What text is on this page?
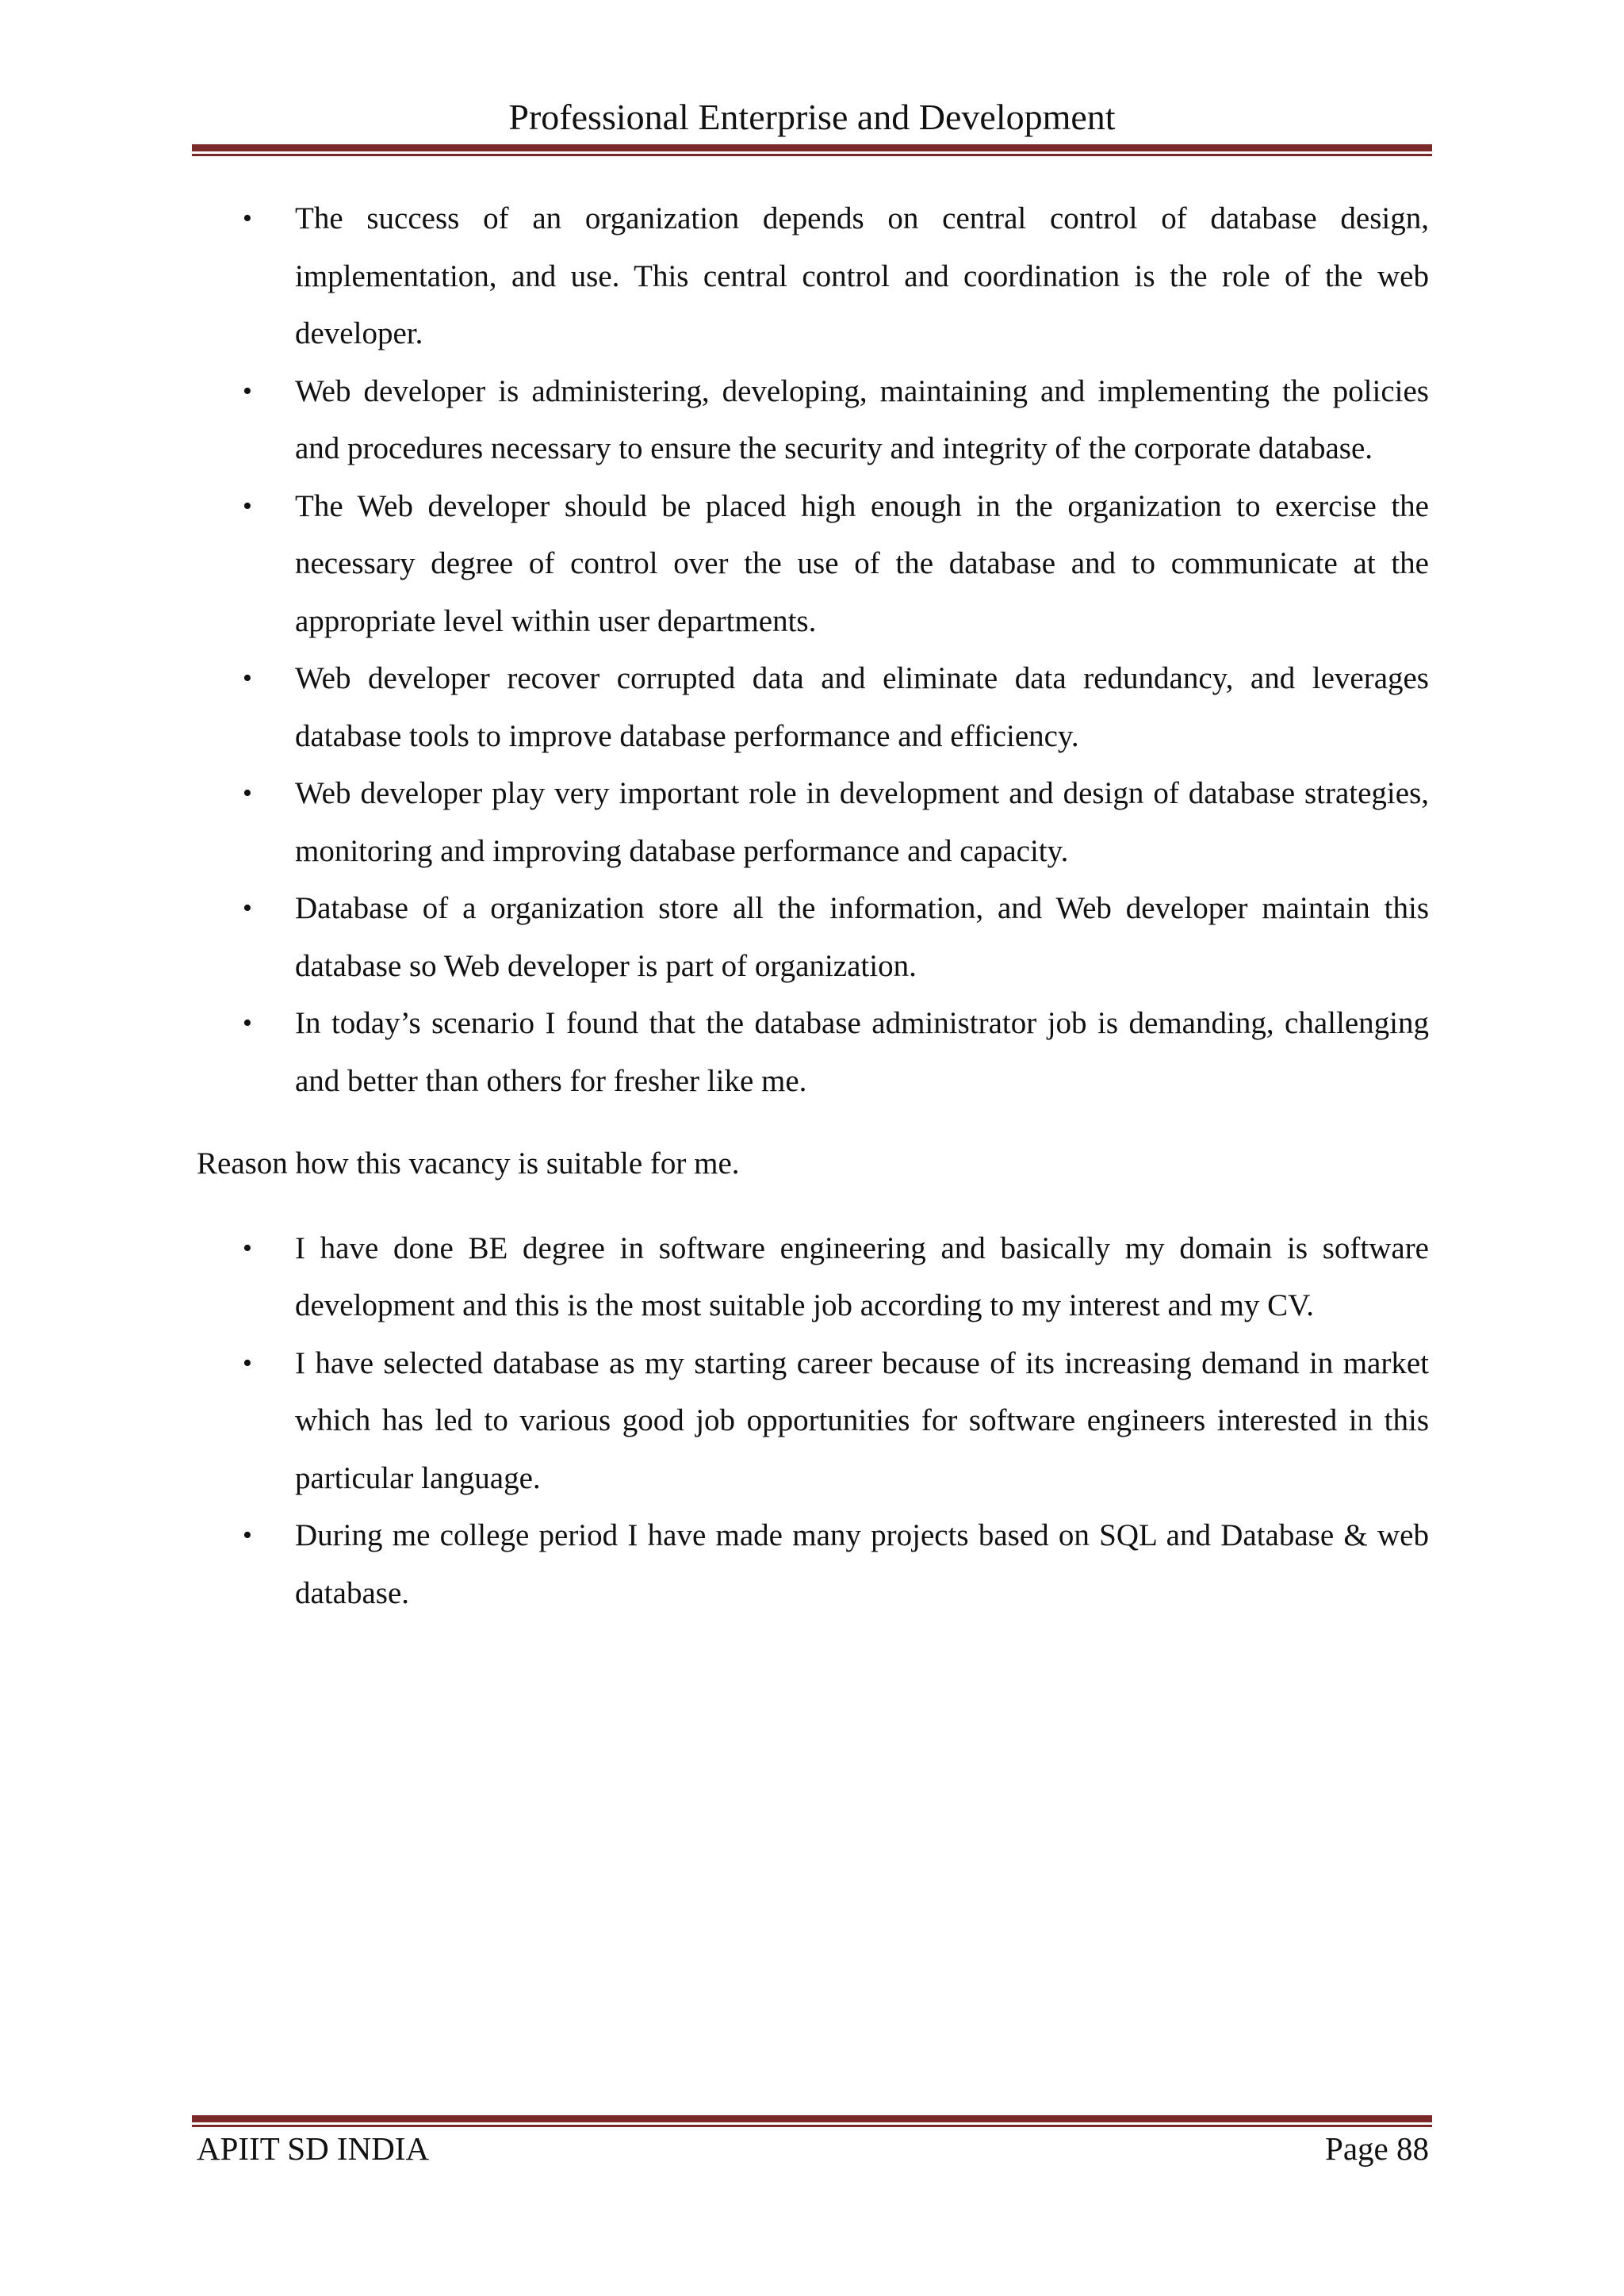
Professional Enterprise and Development
• The success of an organization depends on central control of database design, implementation, and use. This central control and coordination is the role of the web developer.
• Web developer is administering, developing, maintaining and implementing the policies and procedures necessary to ensure the security and integrity of the corporate database.
• The Web developer should be placed high enough in the organization to exercise the necessary degree of control over the use of the database and to communicate at the appropriate level within user departments.
• Web developer recover corrupted data and eliminate data redundancy, and leverages database tools to improve database performance and efficiency.
• Web developer play very important role in development and design of database strategies, monitoring and improving database performance and capacity.
• Database of a organization store all the information, and Web developer maintain this database so Web developer is part of organization.
• In today’s scenario I found that the database administrator job is demanding, challenging and better than others for fresher like me.
Reason how this vacancy is suitable for me.
• I have done BE degree in software engineering and basically my domain is software development and this is the most suitable job according to my interest and my CV.
• I have selected database as my starting career because of its increasing demand in market which has led to various good job opportunities for software engineers interested in this particular language.
• During me college period I have made many projects based on SQL and Database & web database.
APIIT SD INDIA	Page 88
